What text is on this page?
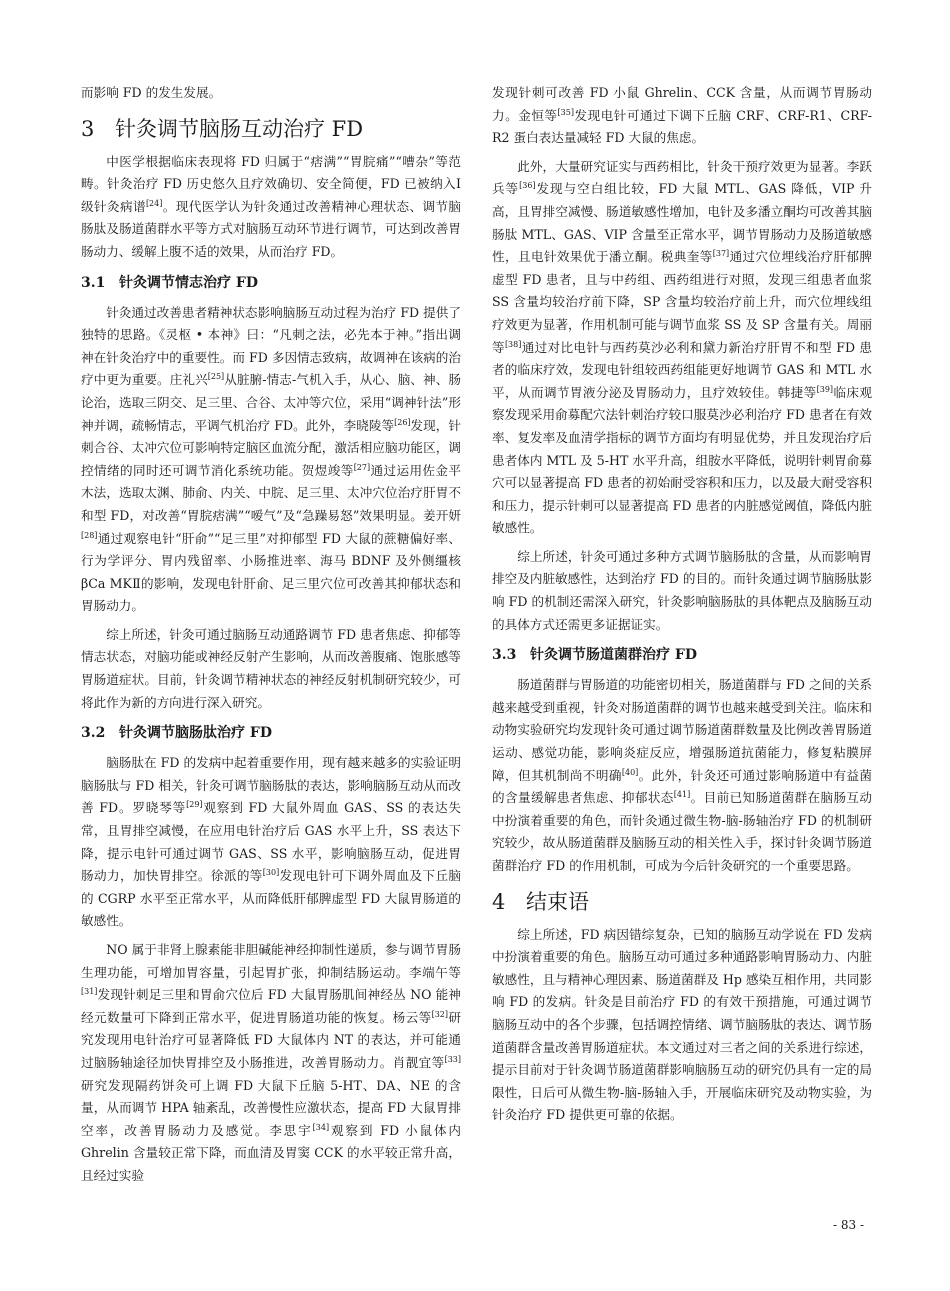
而影响 FD 的发生发展。

3 针灸调节脑肠互动治疗 FD

中医学根据临床表现将 FD 归属于“痞满”“胃脘痛”“嘈杂”等范畴。针灸治疗 FD 历史悠久且疗效确切、安全简便，FD 已被纳入Ⅰ级针灸病谱[24]。现代医学认为针灸通过改善精神心理状态、调节脑肠肽及肠道菌群水平等方式对脑肠互动环节进行调节，可达到改善胃肠动力、缓解上腹不适的效果，从而治疗 FD。

3.1 针灸调节情志治疗 FD

针灸通过改善患者精神状态影响脑肠互动过程为治疗 FD 提供了独特的思路。《灵枢 • 本神》曰：“凡刺之法，必先本于神。”指出调神在针灸治疗中的重要性。而 FD 多因情志致病，故调神在该病的治疗中更为重要。庄礼兴[25]从脏腑-情志-气机入手，从心、脑、神、肠论治，选取三阴交、足三里、合谷、太冲等穴位，采用“调神针法”形神并调，疏畅情志，平调气机治疗 FD。此外，李晓陵等[26]发现，针刺合谷、太冲穴位可影响特定脑区血流分配，激活相应脑功能区，调控情绪的同时还可调节消化系统功能。贺煜竣等[27]通过运用佐金平木法，选取太渊、肺俞、内关、中脘、足三里、太冲穴位治疗肝胃不和型 FD，对改善“胃脘痞满”“嗳气”及“急躁易怒”效果明显。姜开妍[28]通过观察电针“肝俞”“足三里”对抑郁型 FD 大鼠的蔗糖偏好率、行为学评分、胃内残留率、小肠推进率、海马 BDNF 及外侧缰核 βCa MKⅡ的影响，发现电针肝俞、足三里穴位可改善其抑郁状态和胃肠动力。

综上所述，针灸可通过脑肠互动通路调节 FD 患者焦虑、抑郁等情志状态，对脑功能或神经反射产生影响，从而改善腹痛、饱胀感等胃肠道症状。目前，针灸调节精神状态的神经反射机制研究较少，可将此作为新的方向进行深入研究。

3.2 针灸调节脑肠肽治疗 FD

脑肠肽在 FD 的发病中起着重要作用，现有越来越多的实验证明脑肠肽与 FD 相关，针灸可调节脑肠肽的表达，影响脑肠互动从而改善 FD。罗晓琴等[29]观察到 FD 大鼠外周血 GAS、SS 的表达失常，且胃排空减慢，在应用电针治疗后 GAS 水平上升，SS 表达下降，提示电针可通过调节 GAS、SS 水平，影响脑肠互动，促进胃肠动力，加快胃排空。徐派的等[30]发现电针可下调外周血及下丘脑的 CGRP 水平至正常水平，从而降低肝郁脾虚型 FD 大鼠胃肠道的敏感性。

NO 属于非肾上腺素能非胆碱能神经抑制性递质，参与调节胃肠生理功能，可增加胃容量，引起胃扩张，抑制结肠运动。李端午等[31]发现针刺足三里和胃俞穴位后 FD 大鼠胃肠肌间神经丛 NO 能神经元数量可下降到正常水平，促进胃肠道功能的恢复。杨云等[32]研究发现用电针治疗可显著降低 FD 大鼠体内 NT 的表达，并可能通过脑肠轴途径加快胃排空及小肠推进，改善胃肠动力。肖靓宜等[33]研究发现隔药饼灸可上调 FD 大鼠下丘脑 5-HT、DA、NE 的含量，从而调节 HPA 轴紊乱，改善慢性应激状态，提高 FD 大鼠胃排空率，改善胃肠动力及感觉。李思宇[34]观察到 FD 小鼠体内 Ghrelin 含量较正常下降，而血清及胃窦 CCK 的水平较正常升高，且经过实验

发现针刺可改善 FD 小鼠 Ghrelin、CCK 含量，从而调节胃肠动力。金恒等[35]发现电针可通过下调下丘脑 CRF、CRF-R1、CRF-R2 蛋白表达量减轻 FD 大鼠的焦虑。

此外，大量研究证实与西药相比，针灸干预疗效更为显著。李跃兵等[36]发现与空白组比较，FD 大鼠 MTL、GAS 降低，VIP 升高，且胃排空减慢、肠道敏感性增加，电针及多潘立酮均可改善其脑肠肽 MTL、GAS、VIP 含量至正常水平，调节胃肠动力及肠道敏感性，且电针效果优于潘立酮。税典奎等[37]通过穴位埋线治疗肝郁脾虚型 FD 患者，且与中药组、西药组进行对照，发现三组患者血浆 SS 含量均较治疗前下降，SP 含量均较治疗前上升，而穴位埋线组疗效更为显著，作用机制可能与调节血浆 SS 及 SP 含量有关。周丽等[38]通过对比电针与西药莫沙必利和黛力新治疗肝胃不和型 FD 患者的临床疗效，发现电针组较西药组能更好地调节 GAS 和 MTL 水平，从而调节胃液分泌及胃肠动力，且疗效较佳。韩捷等[39]临床观察发现采用俞募配穴法针刺治疗较口服莫沙必利治疗 FD 患者在有效率、复发率及血清学指标的调节方面均有明显优势，并且发现治疗后患者体内 MTL 及 5-HT 水平升高，组胺水平降低，说明针刺胃俞募穴可以显著提高 FD 患者的初始耐受容积和压力，以及最大耐受容积和压力，提示针刺可以显著提高 FD 患者的内脏感觉阈值，降低内脏敏感性。

综上所述，针灸可通过多种方式调节脑肠肽的含量，从而影响胃排空及内脏敏感性，达到治疗 FD 的目的。而针灸通过调节脑肠肽影响 FD 的机制还需深入研究，针灸影响脑肠肽的具体靶点及脑肠互动的具体方式还需更多证据证实。

3.3 针灸调节肠道菌群治疗 FD

肠道菌群与胃肠道的功能密切相关，肠道菌群与 FD 之间的关系越来越受到重视，针灸对肠道菌群的调节也越来越受到关注。临床和动物实验研究均发现针灸可通过调节肠道菌群数量及比例改善胃肠道运动、感觉功能，影响炎症反应，增强肠道抗菌能力，修复粘膜屏障，但其机制尚不明确[40]。此外，针灸还可通过影响肠道中有益菌的含量缓解患者焦虑、抑郁状态[41]。目前已知肠道菌群在脑肠互动中扮演着重要的角色，而针灸通过微生物-脑-肠轴治疗 FD 的机制研究较少，故从肠道菌群及脑肠互动的相关性入手，探讨针灸调节肠道菌群治疗 FD 的作用机制，可成为今后针灸研究的一个重要思路。

4 结束语

综上所述，FD 病因错综复杂，已知的脑肠互动学说在 FD 发病中扮演着重要的角色。脑肠互动可通过多种通路影响胃肠动力、内脏敏感性，且与精神心理因素、肠道菌群及 Hp 感染互相作用，共同影响 FD 的发病。针灸是目前治疗 FD 的有效干预措施，可通过调节脑肠互动中的各个步骤，包括调控情绪、调节脑肠肽的表达、调节肠道菌群含量改善胃肠道症状。本文通过对三者之间的关系进行综述，提示目前对于针灸调节肠道菌群影响脑肠互动的研究仍具有一定的局限性，日后可从微生物-脑-肠轴入手，开展临床研究及动物实验，为针灸治疗 FD 提供更可靠的依据。

- 83 -
